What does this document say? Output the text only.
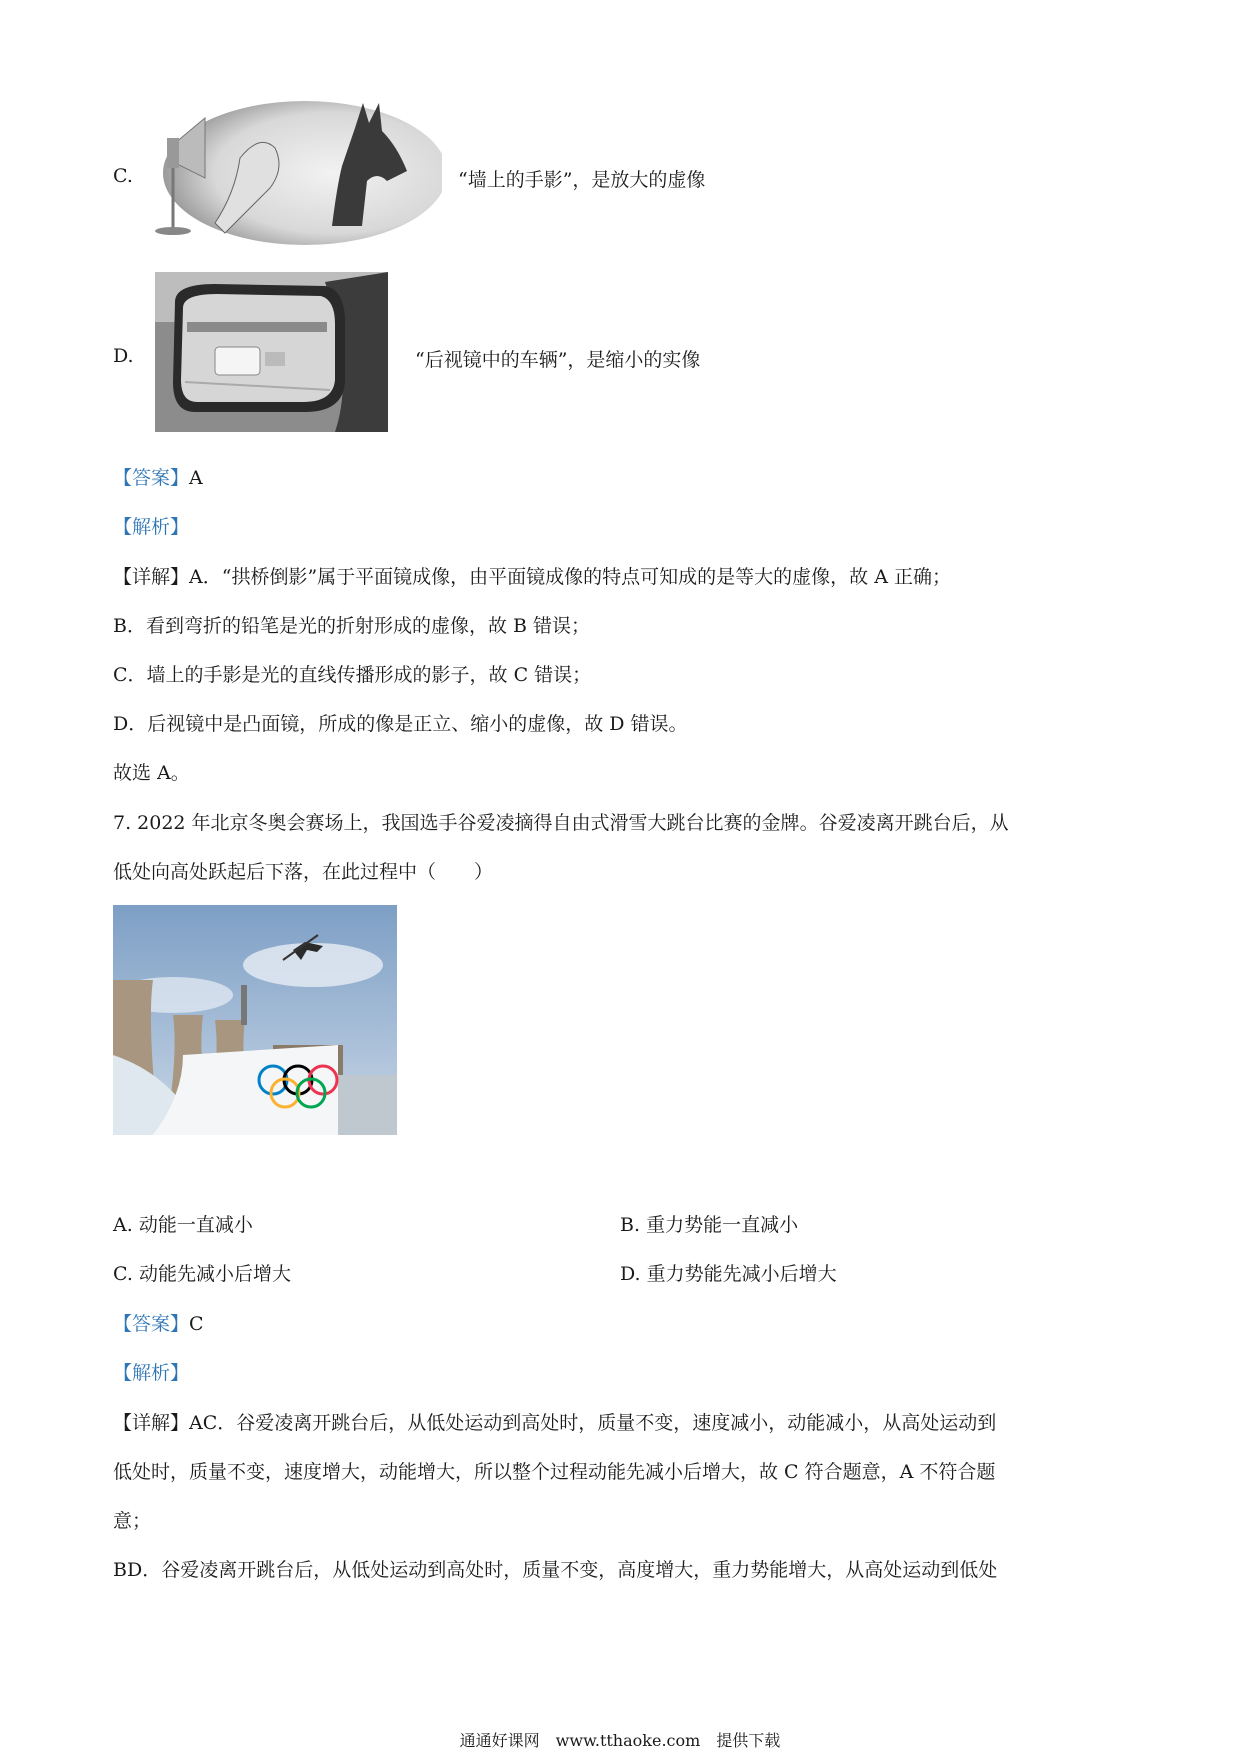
C.	“墙上的手影”，是放大的虚像
D.	“后视镜中的车辆”，是缩小的实像
【答案】A
【解析】
【详解】A．“拱桥倒影”属于平面镜成像，由平面镜成像的特点可知成的是等大的虚像，故 A 正确；
B．看到弯折的铅笔是光的折射形成的虚像，故 B 错误；
C．墙上的手影是光的直线传播形成的影子，故 C 错误；
D．后视镜中是凸面镜，所成的像是正立、缩小的虚像，故 D 错误。
故选 A。
7. 2022 年北京冬奥会赛场上，我国选手谷爱凌摘得自由式滑雪大跳台比赛的金牌。谷爱凌离开跳台后，从
低处向高处跃起后下落，在此过程中（　　）
A. 动能一直减小	B. 重力势能一直减小
C. 动能先减小后增大	D. 重力势能先减小后增大
【答案】C
【解析】
【详解】AC．谷爱凌离开跳台后，从低处运动到高处时，质量不变，速度减小，动能减小，从高处运动到
低处时，质量不变，速度增大，动能增大，所以整个过程动能先减小后增大，故 C 符合题意，A 不符合题
意；
BD．谷爱凌离开跳台后，从低处运动到高处时，质量不变，高度增大，重力势能增大，从高处运动到低处
通通好课网　www.tthaoke.com　提供下载
